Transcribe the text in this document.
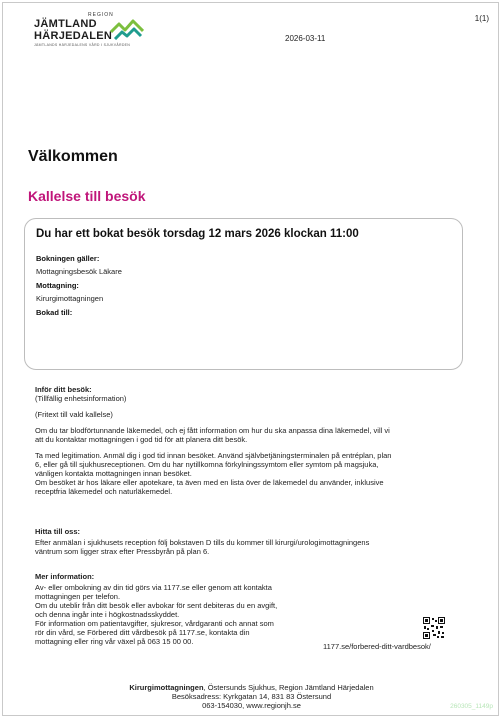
REGION
JÄMTLAND
HÄRJEDALEN
JÄMTLANDS HÄRJEDALENS VÅRD I SJUKVÅRDEN
1(1)
2026-03-11
Välkommen
Kallelse till besök
Du har ett bokat besök torsdag 12 mars 2026 klockan 11:00
Bokningen gäller:
Mottagningsbesök Läkare
Mottagning:
Kirurgimottagningen
Bokad till:

Inför ditt besök:

(Tillfällig enhetsinformation)

(Fritext till vald kallelse)

Om du tar blodförtunnande läkemedel, och ej fått information om hur du ska anpassa dina läkemedel, vill vi

att du kontaktar mottagningen i god tid för att planera ditt besök.

Ta med legitimation. Anmäl dig i god tid innan besöket. Använd självbetjäningsterminalen på entréplan, plan

6, eller gå till sjukhusreceptionen. Om du har nytillkomna förkylningssymtom eller symtom på magsjuka,

vänligen kontakta mottagningen innan besöket.

Om besöket är hos läkare eller apotekare, ta även med en lista över de läkemedel du använder, inklusive

receptfria läkemedel och naturläkemedel.

Hitta till oss:

Efter anmälan i sjukhusets reception följ bokstaven D tills du kommer till kirurgi/urologimottagningens

väntrum som ligger strax efter Pressbyrån på plan 6.

Mer information:

Av- eller ombokning av din tid görs via 1177.se eller genom att kontakta

mottagningen per telefon.

Om du uteblir från ditt besök eller avbokar för sent debiteras du en avgift,

och denna ingår inte i högkostnadsskyddet.

För information om patientavgifter, sjukresor, vårdgaranti och annat som

rör din vård, se Förbered ditt vårdbesök på 1177.se, kontakta din

mottagning eller ring vår växel på 063 15 00 00.

1177.se/forbered-ditt-vardbesok/
Kirurgimottagningen, Östersunds Sjukhus, Region Jämtland Härjedalen
Besöksadress: Kyrkgatan 14, 831 83 Östersund
063-154030, www.regionjh.se	260305_1149p
